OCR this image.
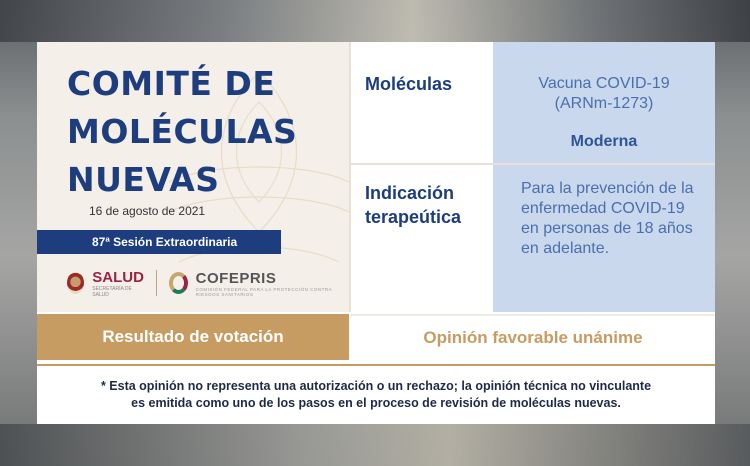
COMITÉ DE
MOLÉCULAS
NUEVAS
16 de agosto de 2021
87ª Sesión Extraordinaria
SALUD
SECRETARÍA DE SALUD
COFEPRIS
COMISIÓN FEDERAL PARA LA PROTECCIÓN CONTRA RIESGOS SANITARIOS
Moléculas	Vacuna COVID-19
(ARNm-1273)
Moderna
Indicación
terapeútica
Para la prevención de la enfermedad COVID-19 en personas de 18 años en adelante.
Resultado de votación	Opinión favorable unánime
* Esta opinión no representa una autorización o un rechazo; la opinión técnica no vinculante
es emitida como uno de los pasos en el proceso de revisión de moléculas nuevas.
